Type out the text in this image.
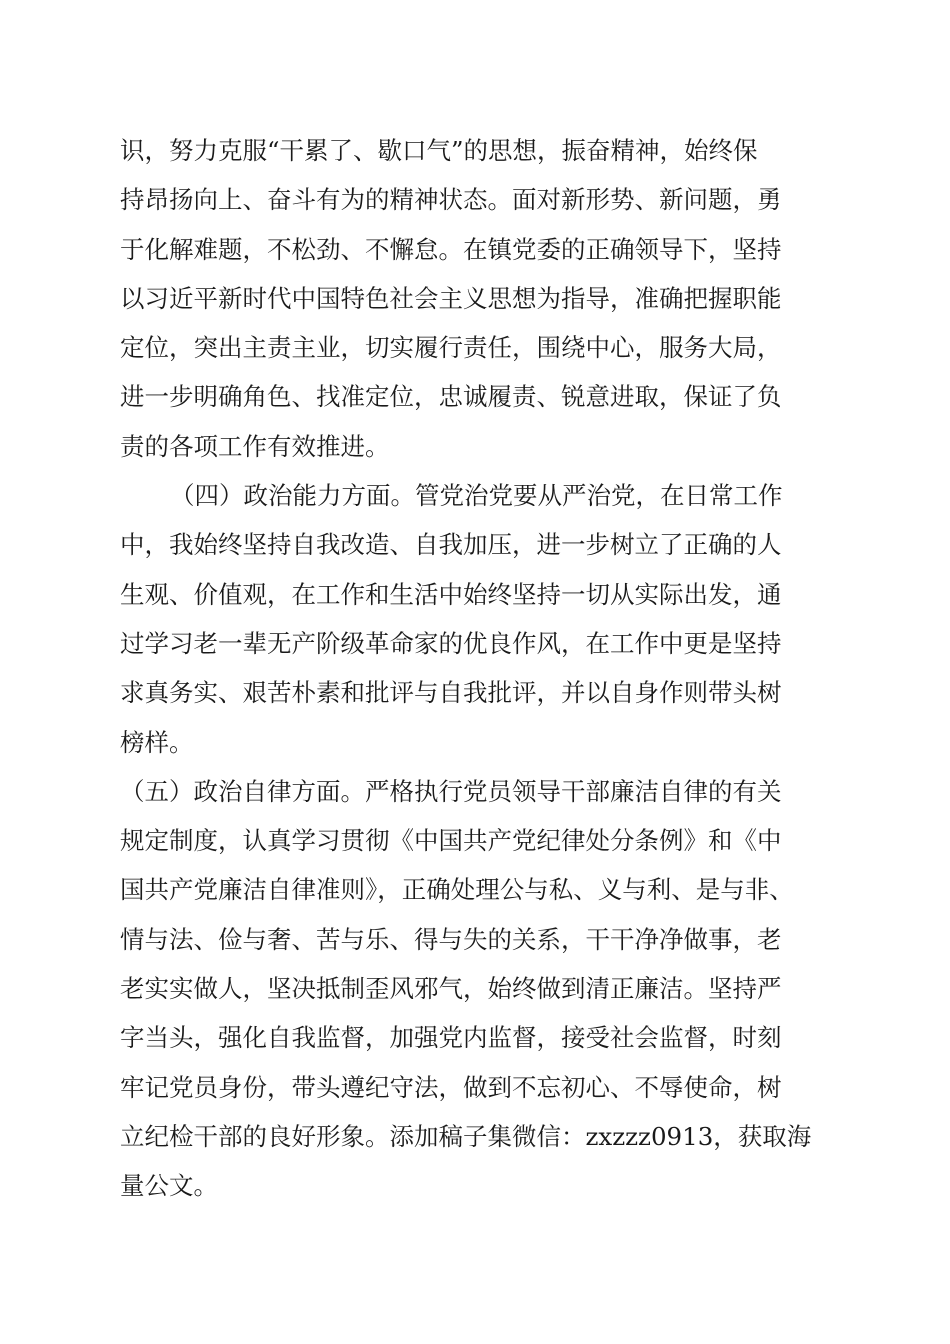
识，努力克服“干累了、歇口气”的思想，振奋精神，始终保
持昂扬向上、奋斗有为的精神状态。面对新形势、新问题，勇
于化解难题，不松劲、不懈怠。在镇党委的正确领导下，坚持
以习近平新时代中国特色社会主义思想为指导，准确把握职能
定位，突出主责主业，切实履行责任，围绕中心，服务大局，
进一步明确角色、找准定位，忠诚履责、锐意进取，保证了负
责的各项工作有效推进。
（四）政治能力方面。管党治党要从严治党，在日常工作
中，我始终坚持自我改造、自我加压，进一步树立了正确的人
生观、价值观，在工作和生活中始终坚持一切从实际出发，通
过学习老一辈无产阶级革命家的优良作风，在工作中更是坚持
求真务实、艰苦朴素和批评与自我批评，并以自身作则带头树
榜样。
（五）政治自律方面。严格执行党员领导干部廉洁自律的有关
规定制度，认真学习贯彻《中国共产党纪律处分条例》和《中
国共产党廉洁自律准则》，正确处理公与私、义与利、是与非、
情与法、俭与奢、苦与乐、得与失的关系，干干净净做事，老
老实实做人，坚决抵制歪风邪气，始终做到清正廉洁。坚持严
字当头，强化自我监督，加强党内监督，接受社会监督，时刻
牢记党员身份，带头遵纪守法，做到不忘初心、不辱使命，树
立纪检干部的良好形象。添加稿子集微信：zxzzz0913，获取海
量公文。
